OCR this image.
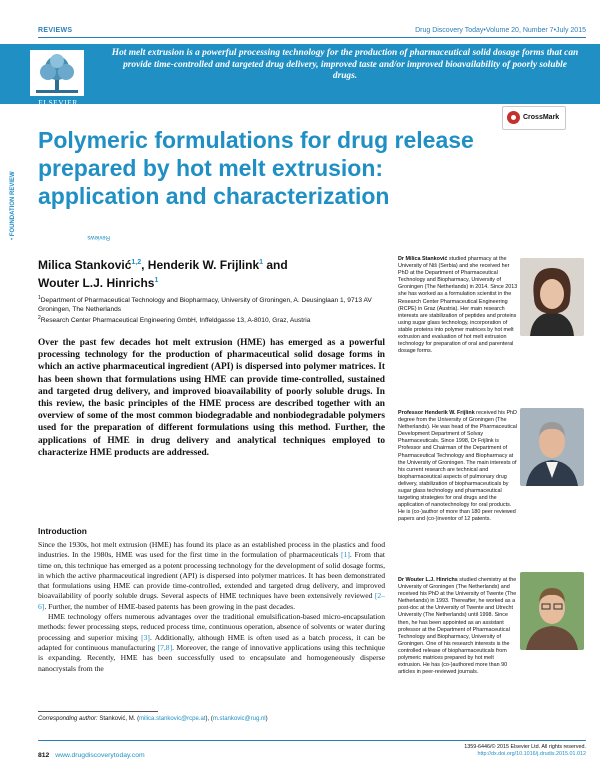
REVIEWS	Drug Discovery Today•Volume 20, Number 7•July 2015
ELSEVIER
Hot melt extrusion is a powerful processing technology for the production of pharmaceutical solid dosage forms that can provide time-controlled and targeted drug delivery, improved taste and/or improved bioavailability of poorly soluble drugs.
Reviews
• FOUNDATION REVIEW
Polymeric formulations for drug release prepared by hot melt extrusion: application and characterization
CrossMark
Milica Stanković$^{1,2}$, Henderik W. Frijlink$^1$ and
Wouter L.J. Hinrichs$^1$
$^1$Department of Pharmaceutical Technology and Biopharmacy, University of Groningen, A. Deusinglaan 1, 9713 AV Groningen, The Netherlands
$^2$Research Center Pharmaceutical Engineering GmbH, Inffeldgasse 13, A-8010, Graz, Austria
Over the past few decades hot melt extrusion (HME) has emerged as a powerful processing technology for the production of pharmaceutical solid dosage forms in which an active pharmaceutical ingredient (API) is dispersed into polymer matrices. It has been shown that formulations using HME can provide time-controlled, sustained and targeted drug delivery, and improved bioavailability of poorly soluble drugs. In this review, the basic principles of the HME process are described together with an overview of some of the most common biodegradable and nonbiodegradable polymers used for the preparation of different formulations using this method. Further, the applications of HME in drug delivery and analytical techniques employed to characterize HME products are addressed.
Introduction

Since the 1930s, hot melt extrusion (HME) has found its place as an established process in the plastics and food industries. In the 1980s, HME was used for the first time in the formulation of pharmaceuticals [1]. From that time on, this technique has emerged as a potent processing technology for the development of solid dosage forms, in which the active pharmaceutical ingredient (API) is dispersed into polymer matrices. It has been demonstrated that formulations using HME can provide time-controlled, extended and targeted drug delivery, and improved bioavailability of poorly soluble drugs. Several aspects of HME techniques have been extensively reviewed [2–6]. Further, the number of HME-based patents has been growing in the past decades.

HME technology offers numerous advantages over the traditional emulsification-based micro-encapsulation methods: fewer processing steps, reduced process time, continuous operation, absence of solvents or water during processing and superior mixing [3]. Additionally, although HME is often used as a batch process, it can be adapted for continuous manufacturing [7,8]. Moreover, the range of innovative applications using this technique is expanding. Recently, HME has been successfully used to encapsulate and homogeneously disperse nanocrystals from the

Corresponding author: Stanković, M. (milica.stankovic@rcpe.at), (m.stankovic@rug.nl)
812 www.drugdiscoverytoday.com
1359-6446/© 2015 Elsevier Ltd. All rights reserved.
http://dx.doi.org/10.1016/j.drudis.2015.01.012
Dr Milica Stanković studied pharmacy at the University of Niš (Serbia) and she received her PhD at the Department of Pharmaceutical Technology and Biopharmacy, University of Groningen (The Netherlands) in 2014. Since 2013 she has worked as a formulation scientist in the Research Center Pharmaceutical Engineering (RCPE) in Graz (Austria). Her main research interests are stabilization of peptides and proteins using sugar glass technology, incorporation of stable proteins into polymer matrices by hot melt extrusion and evaluation of hot melt extrusion technology for preparation of oral and parenteral dosage forms.
Professor Henderik W. Frijlink received his PhD degree from the University of Groningen (The Netherlands). He was head of the Pharmaceutical Development Department of Solvay Pharmaceuticals. Since 1998, Dr Frijlink is Professor and Chairman of the Department of Pharmaceutical Technology and Biopharmacy at the University of Groningen. The main interests of his current research are technical and biopharmaceutical aspects of pulmonary drug delivery, stabilization of biopharmaceuticals by sugar glass technology and pharmaceutical targeting strategies for oral drugs and the application of nanotechnology for oral products. He is (co-)author of more than 180 peer reviewed papers and (co-)inventor of 12 patents.
Dr Wouter L.J. Hinrichs studied chemistry at the University of Groningen (The Netherlands) and received his PhD at the University of Twente (The Netherlands) in 1993. Thereafter, he worked as a post-doc at the University of Twente and Utrecht University (The Netherlands) until 1998. Since then, he has been appointed as an assistant professor at the Department of Pharmaceutical Technology and Biopharmacy, University of Groningen. One of his research interests is the controlled release of biopharmaceuticals from polymeric matrices prepared by hot melt extrusion. He has (co-)authored more than 90 articles in peer-reviewed journals.
